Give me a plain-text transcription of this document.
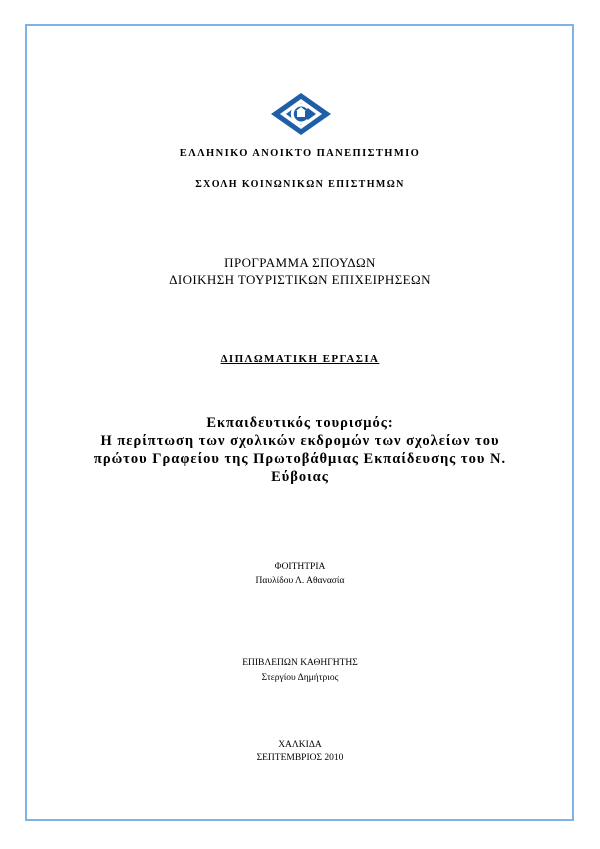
ΕΛΛΗΝΙΚΟ ΑΝΟΙΚΤΟ ΠΑΝΕΠΙΣΤΗΜΙΟ
ΣΧΟΛΗ ΚΟΙΝΩΝΙΚΩΝ ΕΠΙΣΤΗΜΩΝ
ΠΡΟΓΡΑΜΜΑ ΣΠΟΥΔΩΝ
ΔΙΟΙΚΗΣΗ ΤΟΥΡΙΣΤΙΚΩΝ ΕΠΙΧΕΙΡΗΣΕΩΝ
ΔΙΠΛΩΜΑΤΙΚΗ ΕΡΓΑΣΙΑ
Εκπαιδευτικός τουρισμός:
Η περίπτωση των σχολικών εκδρομών των σχολείων του
πρώτου Γραφείου της Πρωτοβάθμιας Εκπαίδευσης του Ν.
Εύβοιας
ΦΟΙΤΗΤΡΙΑ
Παυλίδου Λ. Αθανασία
ΕΠΙΒΛΕΠΩΝ ΚΑΘΗΓΗΤΗΣ
Στεργίου Δημήτριος
ΧΑΛΚΙΔΑ
ΣΕΠΤΕΜΒΡΙΟΣ 2010
